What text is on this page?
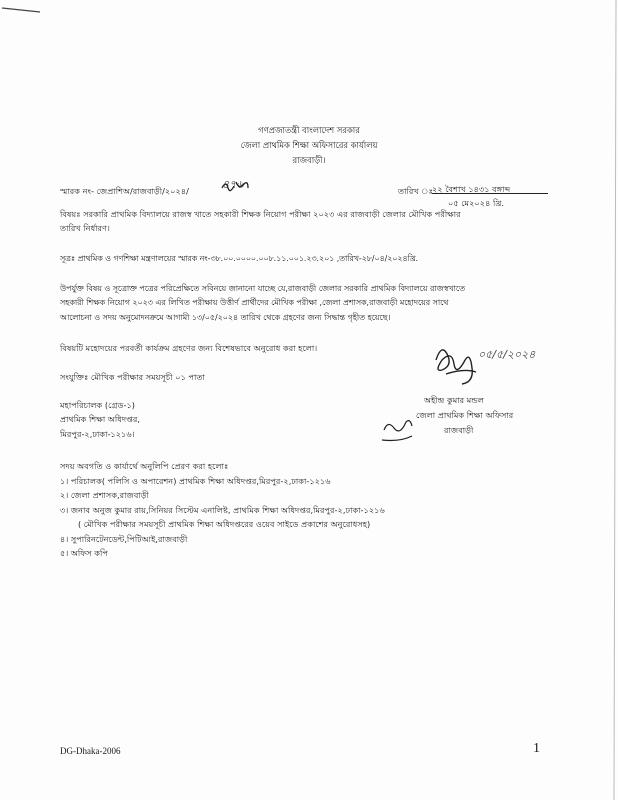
গণপ্রজাতন্ত্রী বাংলাদেশ সরকার
জেলা প্রাথমিক শিক্ষা অফিসারের কার্যালয়
রাজবাড়ী।
স্মারক নং- জেপ্রাশিঅ/রাজবাড়ী/২০২৪/	৪৭৬	তারিখ ঃ
২২ বৈশাখ ১৪৩১ বঙ্গাব্দ
০৫ মে২০২৪ খ্রি.
বিষয়ঃ সরকারি প্রাথমিক বিদ্যালয়ে রাজস্ব খাতে সহকারী শিক্ষক নিয়োগ পরীক্ষা ২০২৩ এর রাজবাড়ী জেলার মৌখিক পরীক্ষার
তারিখ নির্ধারণ।
সূত্রঃ প্রাথমিক ও গণশিক্ষা মন্ত্রণালয়ের স্মারক নং-৩৮.০০.০০০০.০০৮.১১.০০১.২৩.২০১ ,তারিখ-২৮/০৪/২০২৪খ্রি.
উপর্যুক্ত বিষয় ও সূত্রোক্ত পত্রের পরিপ্রেক্ষিতে সবিনয়ে জানানো যাচ্ছে যে,রাজবাড়ী জেলার সরকারি প্রাথমিক বিদ্যালয়ে রাজস্বখাতে
সহকারী শিক্ষক নিয়োগ ২০২৩ এর লিখিত পরীক্ষায় উত্তীর্ণ প্রার্থীদের মৌখিক পরীক্ষা ,জেলা প্রশাসক,রাজবাড়ী মহোদয়ের সাথে
আলোচনা ও সদয় অনুমোদনক্রমে আগামী ১৩/০৫/২০২৪ তারিখ থেকে গ্রহণের জন্য সিদ্ধান্ত গৃহীত হয়েছে।
বিষয়টি মহোদয়ের পরবর্তী কার্যক্রম গ্রহণের জন্য বিশেষভাবে অনুরোধ করা হলো।
সংযুক্তিঃ মৌখিক পরীক্ষার সময়সূচী ০১ পাতা
০৫/৫/২০২৪
অহীন্দ্র কুমার মন্ডল
জেলা প্রাথমিক শিক্ষা অফিসার
রাজবাড়ী
মহাপরিচালক (গ্রেড-১)
প্রাথমিক শিক্ষা অধিদপ্তর,
মিরপুর-২,ঢাকা-১২১৬।
সদয় অবগতি ও কার্যার্থে অনুলিপি প্রেরণ করা হলোঃ
১। পরিচালক( পলিসি ও অপারেশন) প্রাথমিক শিক্ষা অধিদপ্তর,মিরপুর-২,ঢাকা-১২১৬
২। জেলা প্রশাসক,রাজবাড়ী
৩। জনাব অনুজ কুমার রায়,সিনিয়র সিস্টেম এনালিষ্ট, প্রাথমিক শিক্ষা অধিদপ্তর,মিরপুর-২,ঢাকা-১২১৬
( মৌখিক পরীক্ষার সময়সূচী প্রাথমিক শিক্ষা অধিদপ্তরের ওয়েব সাইডে প্রকাশের অনুরোধসহ)
৪। সুপারিনটেনডেন্ট,পিটিআই,রাজবাড়ী
৫। অফিস কপি
DG-Dhaka-2006	1
